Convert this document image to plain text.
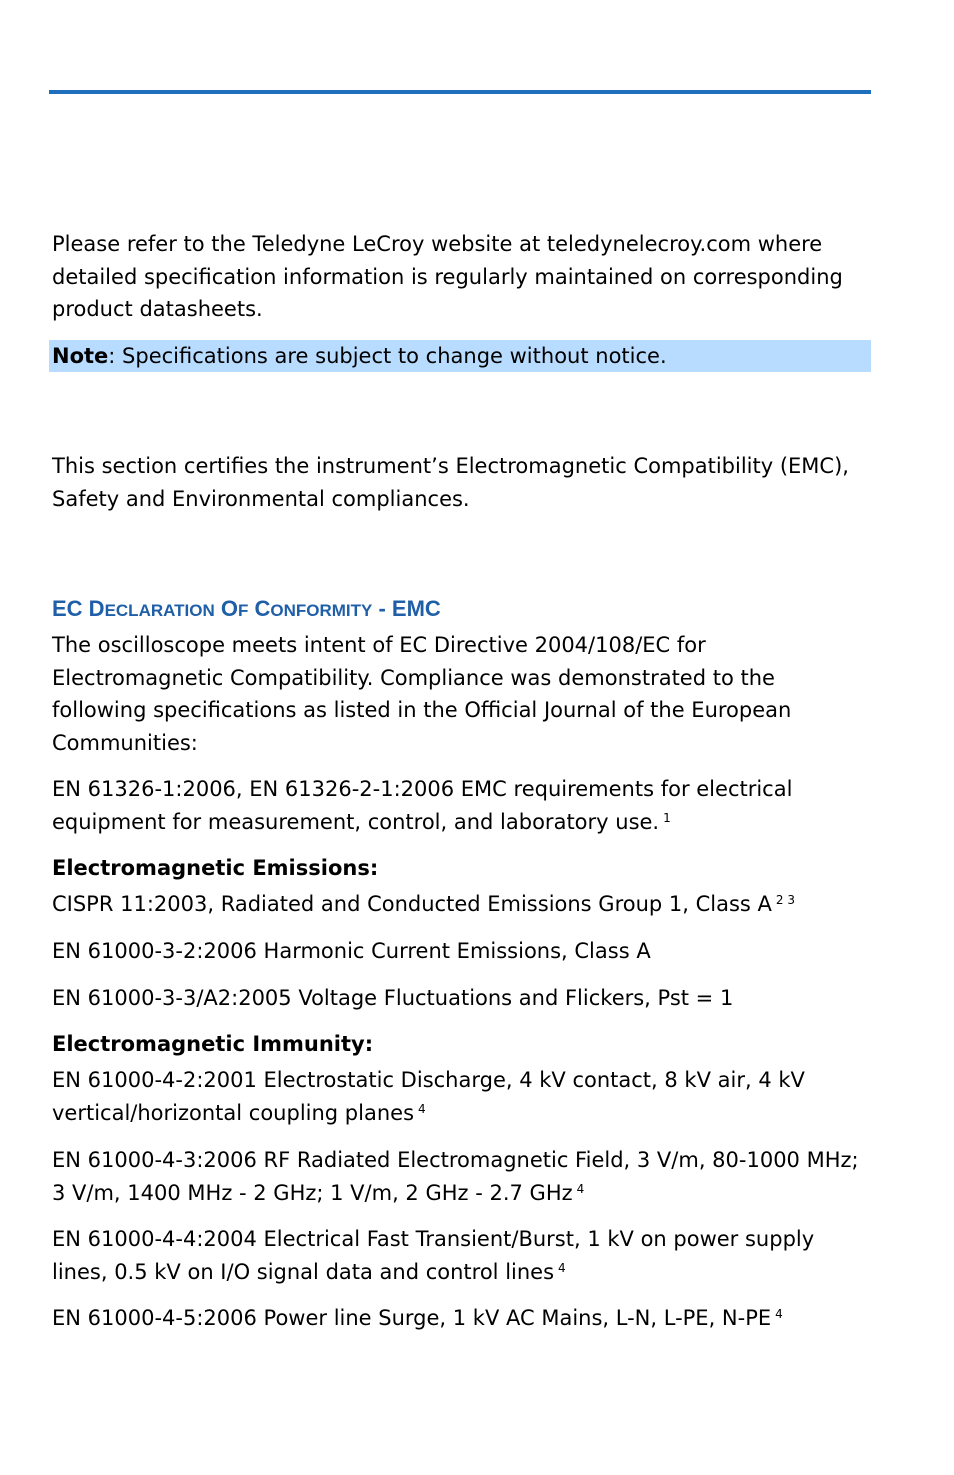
Please refer to the Teledyne LeCroy website at teledynelecroy.com where detailed specification information is regularly maintained on corresponding product datasheets.

Note: Specifications are subject to change without notice.

This section certifies the instrument’s Electromagnetic Compatibility (EMC), Safety and Environmental compliances.

EC DECLARATION OF CONFORMITY - EMC

The oscilloscope meets intent of EC Directive 2004/108/EC for Electromagnetic Compatibility. Compliance was demonstrated to the following specifications as listed in the Official Journal of the European Communities:

EN 61326-1:2006, EN 61326-2-1:2006 EMC requirements for electrical equipment for measurement, control, and laboratory use. $^1$

Electromagnetic Emissions:

CISPR 11:2003, Radiated and Conducted Emissions Group 1, Class A $^{2 3}$

EN 61000-3-2:2006 Harmonic Current Emissions, Class A

EN 61000-3-3/A2:2005 Voltage Fluctuations and Flickers, Pst = 1

Electromagnetic Immunity:

EN 61000-4-2:2001 Electrostatic Discharge, 4 kV contact, 8 kV air, 4 kV vertical/horizontal coupling planes $^4$

EN 61000-4-3:2006 RF Radiated Electromagnetic Field, 3 V/m, 80-1000 MHz; 3 V/m, 1400 MHz - 2 GHz; 1 V/m, 2 GHz - 2.7 GHz $^4$

EN 61000-4-4:2004 Electrical Fast Transient/Burst, 1 kV on power supply lines, 0.5 kV on I/O signal data and control lines $^4$

EN 61000-4-5:2006 Power line Surge, 1 kV AC Mains, L-N, L-PE, N-PE $^4$
